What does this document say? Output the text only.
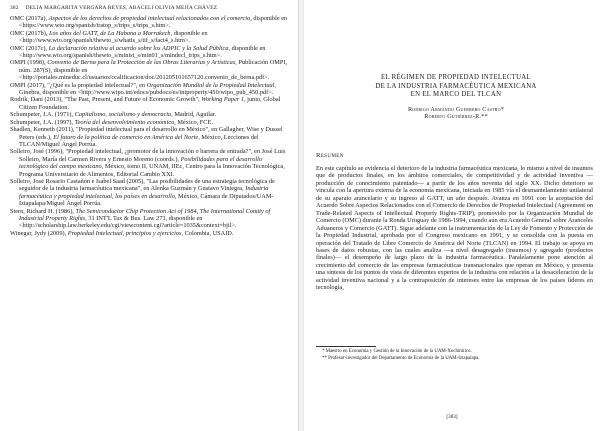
382 DELIA MARGARITA VERGARA REYES, ABACELI OLIVIA MEJÍA CHÁVEZ

OMC (2017a), Aspectos de los derechos de propiedad intelectual relacionados con el comercio, disponible en <https://www.wto.org/spanish/tratop_s/trips_s/trips_s.htm>.

OMC (2017b), Los años del GATT, de La Habana a Marrakech, disponible en <http://www.wto.org/spanish/thewto_s/whatis_s/tif_s/fact4_s.htm>.

OMC (2017c), La declaración relativa al acuerdo sobre los ADPIC y la Salud Pública, disponible en <http://www.wto.org/spanish/thewto_s/minist_s/min01_s/mindecl_trips_s.htm>.

OMPI (1998), Convenio de Berna para la Protección de las Obras Literarias y Artísticas, Publicación OMPI, núm. 287(S), disponible en <http://portales.mineduc.cl/usuarios/ccalificacion/doc/201205101657120.convenio_de_berna.pdf>.

OMPI (2017), "¿Qué es la propiedad intelectual?", en Organización Mundial de la Propiedad Intelectual, Ginebra, disponible en <http://www.wipo.int/edocs/pubdocs/es/intproperty/450/wipo_pub_450.pdf>.

Rodrik, Dani (2013), "The Past, Present, and Future of Economic Growth", Working Paper 1, junio, Global Citizen Foundation.

Schumpeter, J.A. (1971), Capitalismo, socialismo y democracia, Madrid, Aguilar.

Schumpeter, J.A. (1997), Teoría del desenvolvimiento económico, México, FCE.

Shadlen, Kenneth (2011), "Propiedad intelectual para el desarrollo en México", en Gallagher, Wise y Dussel Peters (eds.), El futuro de la política de comercio en América del Norte, México, Lecciones del TLCAN/Miguel Ángel Porrúa.

Solleiro, José (1996), "Propiedad intelectual, ¿promotor de la innovación o barrera de entrada?", en José Luis Solleiro, María del Carmen Rivera y Ernesto Moreno (coords.), Posibilidades para el desarrollo tecnológico del campo mexicano, México, tomo II, UNAM, IIEc, Centro para la Innovación Tecnológica, Programa Universitario de Alimentos, Editorial Cambio XXI.

Solleiro, José Rosario Castañón e Isabel Saad (2005), "Las posibilidades de una estrategia tecnológica de seguidor de la industria farmacéutica mexicana", en Alenka Guzmán y Gustavo Viniegra, Industria farmacéutica y propiedad intelectual, los países en desarrollo, México, Cámara de Diputados/UAM-Iztapalapa/Miguel Ángel Porrúa.

Stern, Richard H. (1986), The Semiconductor Chip Protection Act of 1984, The International Comity of Industrial Property Rights, 31 INT'L Tax & Bus. Law 273, disponible en <http://scholarship.law.berkeley.edu/cgi/viewcontent.cgi?article=1035&context=bjil>.

Winegar, Jydy (2009), Propiedad Intelectual, principios y ejercicios, Colombia, USAID.

EL RÉGIMEN DE PROPIEDAD INTELECTUAL
DE LA INDUSTRIA FARMACÉUTICA MEXICANA
EN EL MARCO DEL TLCAN
Rodrigo Armando Guerrero Castro*
Roberto Gutiérrez-R.**
Resumen

En este capítulo se evidencia el deterioro de la industria farmacéutica mexicana, lo mismo a nivel de insumos que de productos finales, en los ámbitos comerciales, de competitividad y de actividad inventiva —producción de conocimiento patentado— a partir de los años noventa del siglo XX. Dicho deterioro se vincula con la apertura externa de la economía mexicana, iniciada en 1985 vía el desmantelamiento unilateral de su aparato arancelario y su ingreso al GATT, un año después. Avanza en 1991 con la aceptación del Acuerdo Sobre Aspectos Relacionados con el Comercio de Derechos de Propiedad Intelectual (Agreement on Trade-Related Aspects of Intellectual Property Rights-TRIP), promovido por la Organización Mundial de Comercio (OMC) durante la Ronda Uruguay de 1986-1994, cuando aún era Acuerdo General sobre Aranceles Aduaneros y Comercio (GATT). Sigue adelante con la instrumentación de la Ley de Fomento y Protección de la Propiedad Industrial, aprobada por el Congreso mexicano en 1991, y se consolida con la puesta en operación del Tratado de Libre Comercio de América del Norte (TLCAN) en 1994. El trabajo se apoya en bases de datos robustas, con las cuales analiza —a nivel desagregado (insumos) y agregado (productos finales)— el desempeño de largo plazo de la industria farmacéutica. Paralelamente pone atención al crecimiento del comercio de las empresas farmacéuticas transnacionales que operan en México, y presenta una síntesis de los puntos de vista de diferentes expertos de la industria con relación a la desaceleración de la actividad inventiva nacional y a la contraposición de intereses entre las empresas de los países líderes en tecnología,

* Maestro en Economía y Gestión de la Innovación de la UAM-Xochimilco.

** Profesor-investigador del Departamento de Economía de la UAM-Iztapalapa.

[383]
